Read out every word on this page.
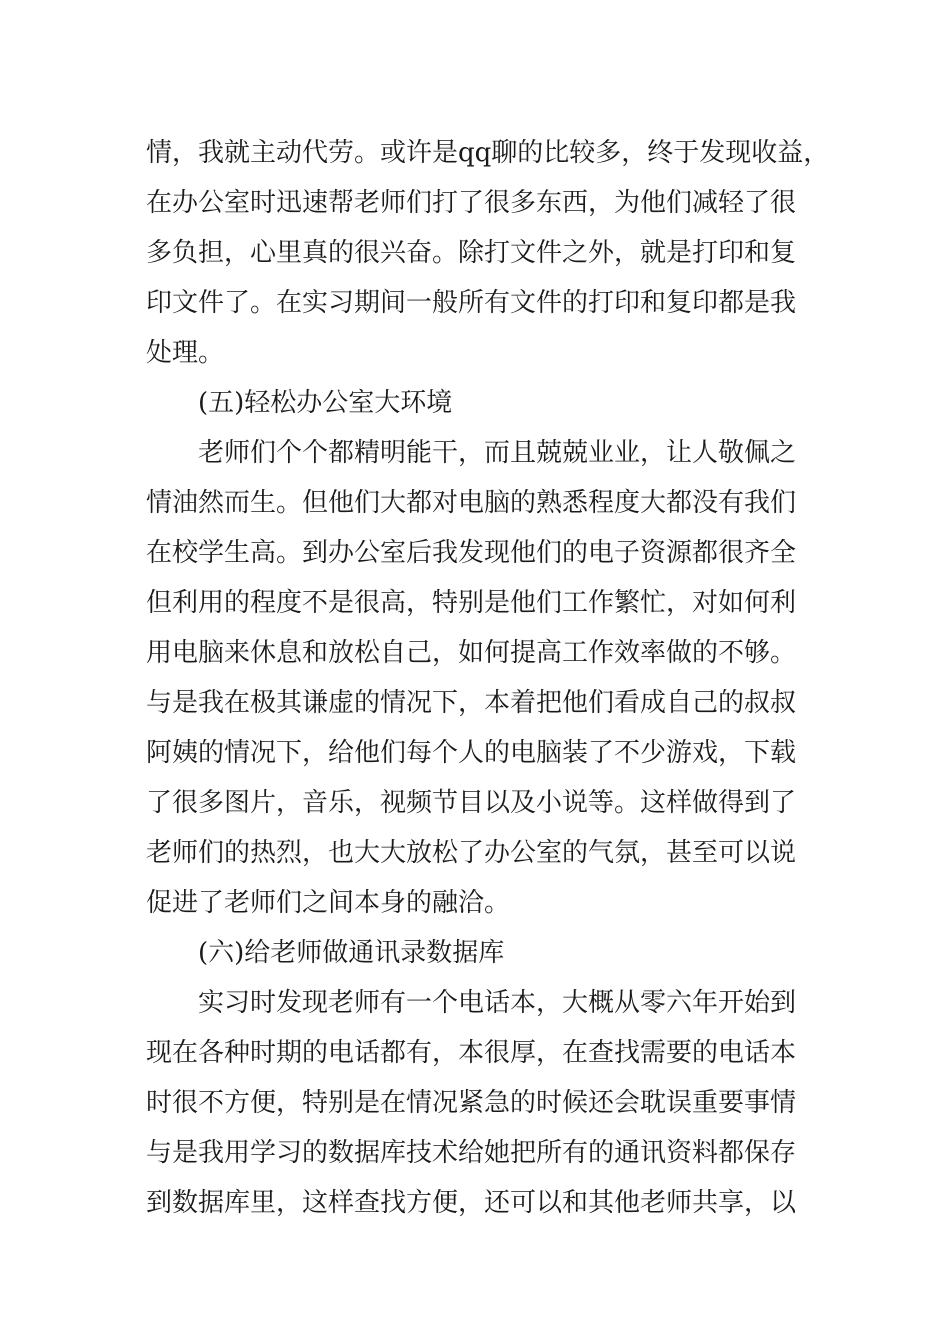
情，我就主动代劳。或许是qq聊的比较多，终于发现收益，
在办公室时迅速帮老师们打了很多东西，为他们减轻了很
多负担，心里真的很兴奋。除打文件之外，就是打印和复
印文件了。在实习期间一般所有文件的打印和复印都是我
处理。
(五)轻松办公室大环境
老师们个个都精明能干，而且兢兢业业，让人敬佩之
情油然而生。但他们大都对电脑的熟悉程度大都没有我们
在校学生高。到办公室后我发现他们的电子资源都很齐全
但利用的程度不是很高，特别是他们工作繁忙，对如何利
用电脑来休息和放松自己，如何提高工作效率做的不够。
与是我在极其谦虚的情况下，本着把他们看成自己的叔叔
阿姨的情况下，给他们每个人的电脑装了不少游戏，下载
了很多图片，音乐，视频节目以及小说等。这样做得到了
老师们的热烈，也大大放松了办公室的气氛，甚至可以说
促进了老师们之间本身的融洽。
(六)给老师做通讯录数据库
实习时发现老师有一个电话本，大概从零六年开始到
现在各种时期的电话都有，本很厚，在查找需要的电话本
时很不方便，特别是在情况紧急的时候还会耽误重要事情
与是我用学习的数据库技术给她把所有的通讯资料都保存
到数据库里，这样查找方便，还可以和其他老师共享，以
